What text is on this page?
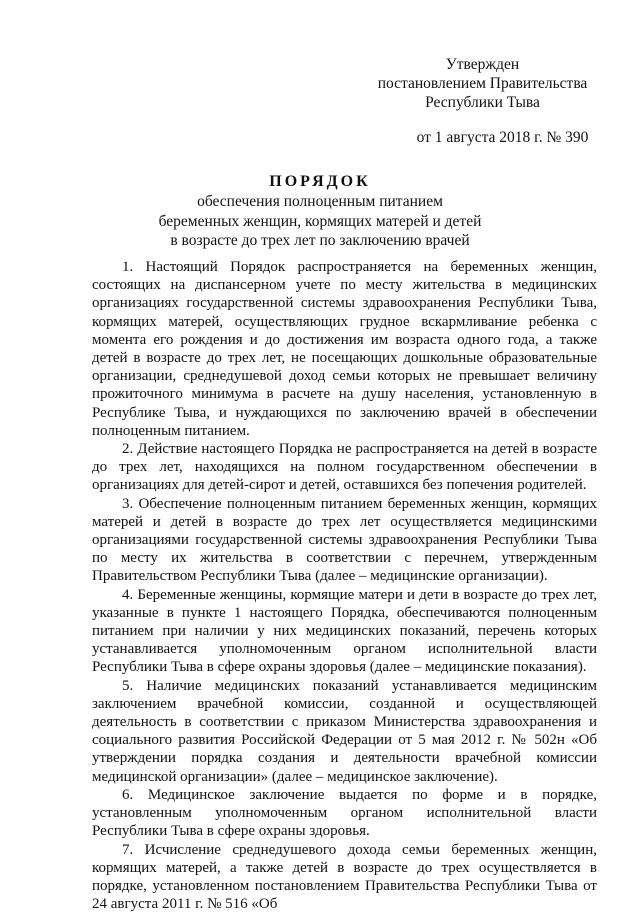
Утвержден
постановлением Правительства
Республики Тыва
от 1 августа 2018 г. № 390
ПОРЯДОК
обеспечения полноценным питанием
беременных женщин, кормящих матерей и детей
в возрасте до трех лет по заключению врачей

1. Настоящий Порядок распространяется на беременных женщин, состоящих на диспансерном учете по месту жительства в медицинских организациях государственной системы здравоохранения Республики Тыва, кормящих матерей, осуществляющих грудное вскармливание ребенка с момента его рождения и до достижения им возраста одного года, а также детей в возрасте до трех лет, не посещающих дошкольные образовательные организации, среднедушевой доход семьи которых не превышает величину прожиточного минимума в расчете на душу населения, установленную в Республике Тыва, и нуждающихся по заключению врачей в обеспечении полноценным питанием.

2. Действие настоящего Порядка не распространяется на детей в возрасте до трех лет, находящихся на полном государственном обеспечении в организациях для детей-сирот и детей, оставшихся без попечения родителей.

3. Обеспечение полноценным питанием беременных женщин, кормящих матерей и детей в возрасте до трех лет осуществляется медицинскими организациями государственной системы здравоохранения Республики Тыва по месту их жительства в соответствии с перечнем, утвержденным Правительством Республики Тыва (далее – медицинские организации).

4. Беременные женщины, кормящие матери и дети в возрасте до трех лет, указанные в пункте 1 настоящего Порядка, обеспечиваются полноценным питанием при наличии у них медицинских показаний, перечень которых устанавливается уполномоченным органом исполнительной власти Республики Тыва в сфере охраны здоровья (далее – медицинские показания).

5. Наличие медицинских показаний устанавливается медицинским заключением врачебной комиссии, созданной и осуществляющей деятельность в соответствии с приказом Министерства здравоохранения и социального развития Российской Федерации от 5 мая 2012 г. № 502н «Об утверждении порядка создания и деятельности врачебной комиссии медицинской организации» (далее – медицинское заключение).

6. Медицинское заключение выдается по форме и в порядке, установленным уполномоченным органом исполнительной власти Республики Тыва в сфере охраны здоровья.

7. Исчисление среднедушевого дохода семьи беременных женщин, кормящих матерей, а также детей в возрасте до трех осуществляется в порядке, установленном постановлением Правительства Республики Тыва от 24 августа 2011 г. № 516 «Об
